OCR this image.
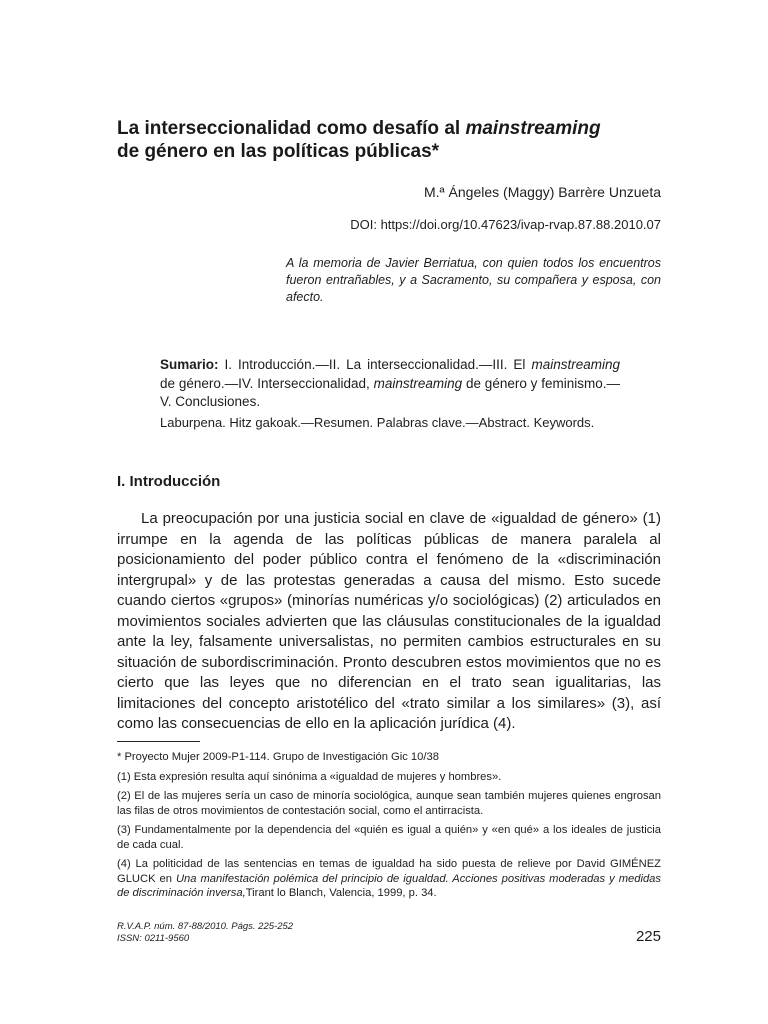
La interseccionalidad como desafío al mainstreaming
de género en las políticas públicas*
M.ª Ángeles (Maggy) Barrère Unzueta
DOI: https://doi.org/10.47623/ivap-rvap.87.88.2010.07
A la memoria de Javier Berriatua, con quien todos los encuentros fueron entrañables, y a Sacramento, su compañera y esposa, con afecto.
Sumario: I. Introducción.—II. La interseccionalidad.—III. El mainstreaming de género.—IV. Interseccionalidad, mainstreaming de género y feminismo.—V. Conclusiones.
Laburpena. Hitz gakoak.—Resumen. Palabras clave.—Abstract. Keywords.
I. Introducción

La preocupación por una justicia social en clave de «igualdad de género» (1) irrumpe en la agenda de las políticas públicas de manera paralela al posicionamiento del poder público contra el fenómeno de la «discriminación intergrupal» y de las protestas generadas a causa del mismo. Esto sucede cuando ciertos «grupos» (minorías numéricas y/o sociológicas) (2) articulados en movimientos sociales advierten que las cláusulas constitucionales de la igualdad ante la ley, falsamente universalistas, no permiten cambios estructurales en su situación de subordiscriminación. Pronto descubren estos movimientos que no es cierto que las leyes que no diferencian en el trato sean igualitarias, las limitaciones del concepto aristotélico del «trato similar a los similares» (3), así como las consecuencias de ello en la aplicación jurídica (4).

* Proyecto Mujer 2009-P1-114. Grupo de Investigación Gic 10/38

(1) Esta expresión resulta aquí sinónima a «igualdad de mujeres y hombres».

(2) El de las mujeres sería un caso de minoría sociológica, aunque sean también mujeres quienes engrosan las filas de otros movimientos de contestación social, como el antirracista.

(3) Fundamentalmente por la dependencia del «quién es igual a quién» y «en qué» a los ideales de justicia de cada cual.

(4) La politicidad de las sentencias en temas de igualdad ha sido puesta de relieve por David GIMÉNEZ GLUCK en Una manifestación polémica del principio de igualdad. Acciones positivas moderadas y medidas de discriminación inversa,Tirant lo Blanch, Valencia, 1999, p. 34.

R.V.A.P. núm. 87-88/2010. Págs. 225-252
ISSN: 0211-9560	225
